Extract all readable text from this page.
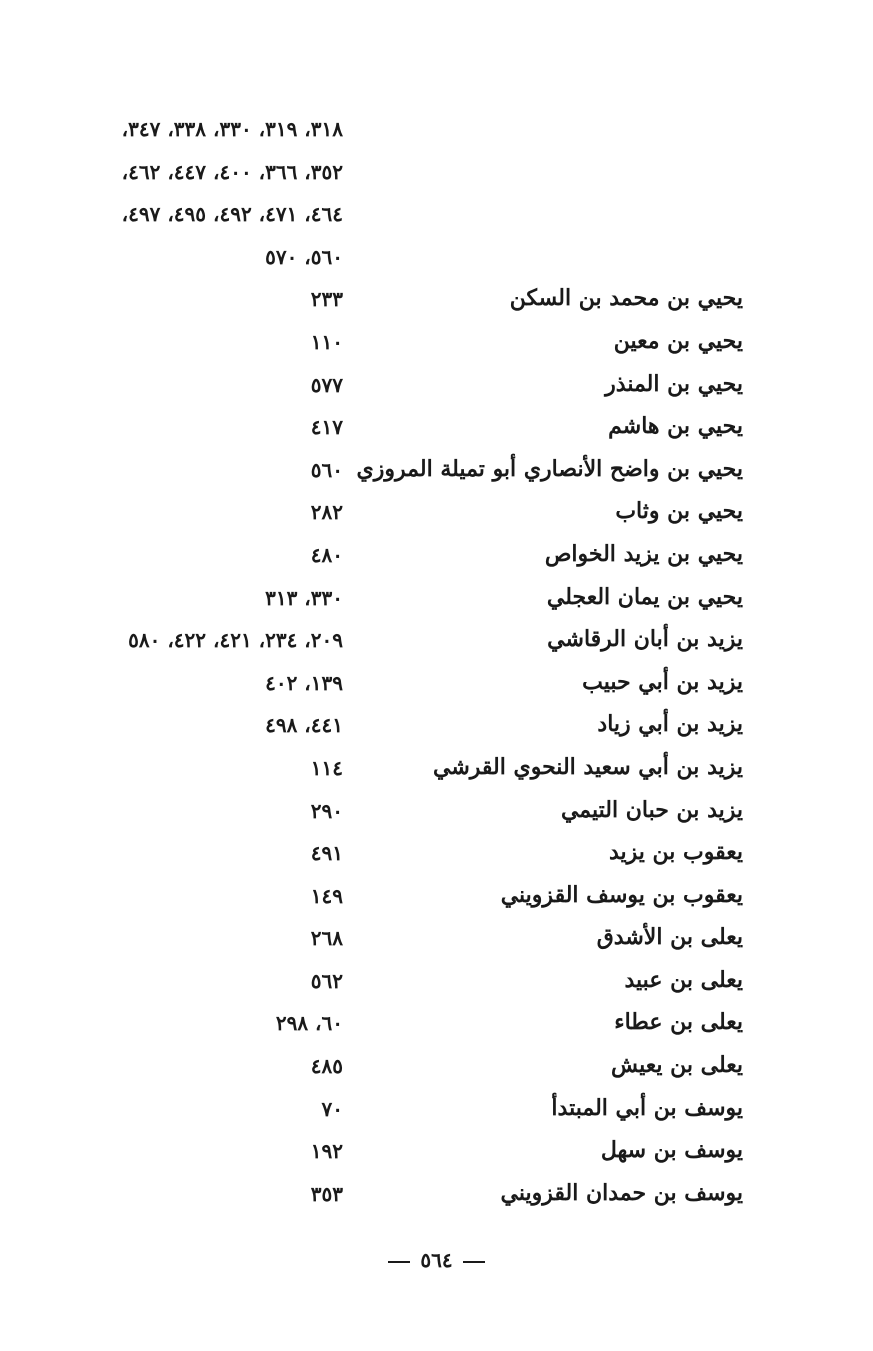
٣١٨، ٣١٩، ٣٣٠، ٣٣٨، ٣٤٧،
٣٥٢، ٣٦٦، ٤٠٠، ٤٤٧، ٤٦٢،
٤٦٤، ٤٧١، ٤٩٢، ٤٩٥، ٤٩٧،
٥٦٠، ٥٧٠
يحيي بن محمد بن السكن
٢٣٣
يحيي بن معين
١١٠
يحيي بن المنذر
٥٧٧
يحيي بن هاشم
٤١٧
يحيي بن واضح الأنصاري أبو تميلة المروزي
٥٦٠
يحيي بن وثاب
٢٨٢
يحيي بن يزيد الخواص
٤٨٠
يحيي بن يمان العجلي
٣٣٠، ٣١٣
يزيد بن أبان الرقاشي
٢٠٩، ٢٣٤، ٤٢١، ٤٢٢، ٥٨٠
يزيد بن أبي حبيب
١٣٩، ٤٠٢
يزيد بن أبي زياد
٤٤١، ٤٩٨
يزيد بن أبي سعيد النحوي القرشي
١١٤
يزيد بن حبان التيمي
٢٩٠
يعقوب بن يزيد
٤٩١
يعقوب بن يوسف القزويني
١٤٩
يعلى بن الأشدق
٢٦٨
يعلى بن عبيد
٥٦٢
يعلى بن عطاء
٦٠، ٢٩٨
يعلى بن يعيش
٤٨٥
يوسف بن أبي المبتدأ
٧٠
يوسف بن سهل
١٩٢
يوسف بن حمدان القزويني
٣٥٣
٥٦٤
